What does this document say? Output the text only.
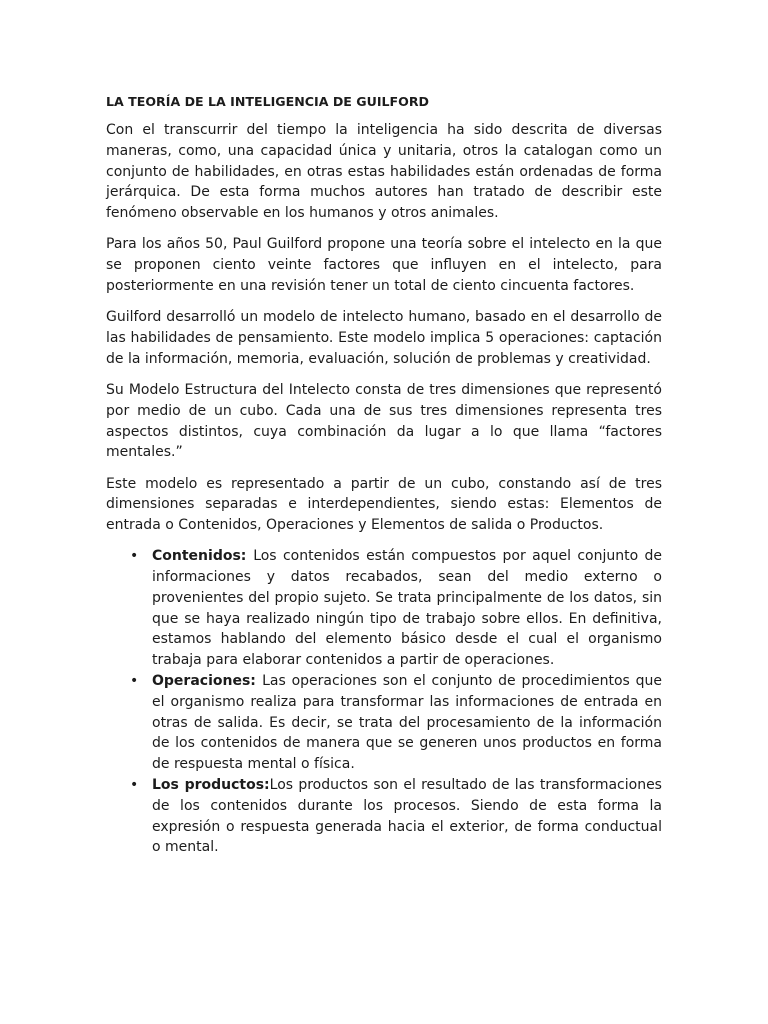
LA TEORÍA DE LA INTELIGENCIA DE GUILFORD

Con el transcurrir del tiempo la inteligencia ha sido descrita de diversas maneras, como, una capacidad única y unitaria, otros la catalogan como un conjunto de habilidades, en otras estas habilidades están ordenadas de forma jerárquica. De esta forma muchos autores han tratado de describir este fenómeno observable en los humanos y otros animales.

Para los años 50, Paul Guilford propone una teoría sobre el intelecto en la que se proponen ciento veinte factores que influyen en el intelecto, para posteriormente en una revisión tener un total de ciento cincuenta factores.

Guilford desarrolló un modelo de intelecto humano, basado en el desarrollo de las habilidades de pensamiento. Este modelo implica 5 operaciones: captación de la información, memoria, evaluación, solución de problemas y creatividad.

Su Modelo Estructura del Intelecto consta de tres dimensiones que representó por medio de un cubo. Cada una de sus tres dimensiones representa tres aspectos distintos, cuya combinación da lugar a lo que llama “factores mentales.”

Este modelo es representado a partir de un cubo, constando así de tres dimensiones separadas e interdependientes, siendo estas: Elementos de entrada o Contenidos, Operaciones y Elementos de salida o Productos.

• Contenidos: Los contenidos están compuestos por aquel conjunto de informaciones y datos recabados, sean del medio externo o provenientes del propio sujeto. Se trata principalmente de los datos, sin que se haya realizado ningún tipo de trabajo sobre ellos. En definitiva, estamos hablando del elemento básico desde el cual el organismo trabaja para elaborar contenidos a partir de operaciones.
• Operaciones: Las operaciones son el conjunto de procedimientos que el organismo realiza para transformar las informaciones de entrada en otras de salida. Es decir, se trata del procesamiento de la información de los contenidos de manera que se generen unos productos en forma de respuesta mental o física.
• Los productos:Los productos son el resultado de las transformaciones de los contenidos durante los procesos. Siendo de esta forma la expresión o respuesta generada hacia el exterior, de forma conductual o mental.
